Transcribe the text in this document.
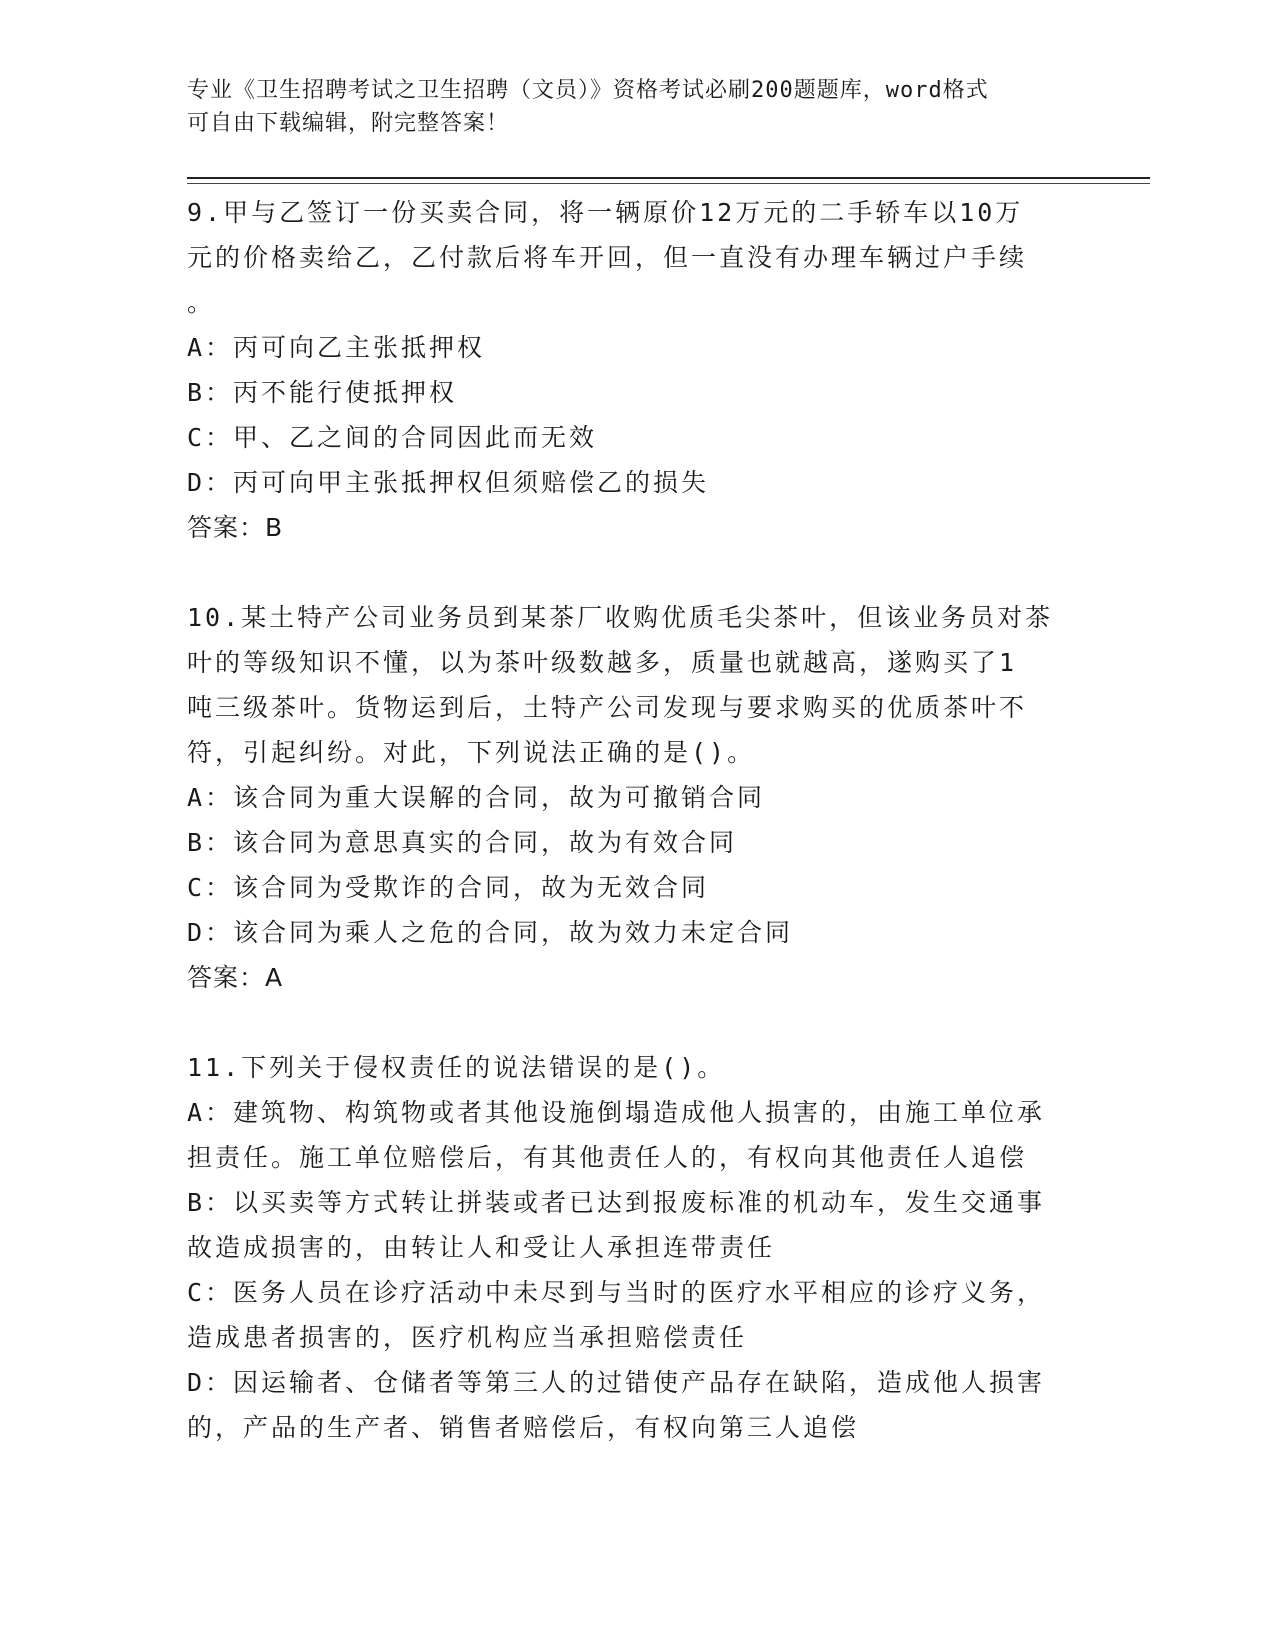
专业《卫生招聘考试之卫生招聘（文员）》资格考试必刷200题题库，word格式
可自由下载编辑，附完整答案！

9.甲与乙签订一份买卖合同，将一辆原价12万元的二手轿车以10万

元的价格卖给乙，乙付款后将车开回，但一直没有办理车辆过户手续

。

A：丙可向乙主张抵押权

B：丙不能行使抵押权

C：甲、乙之间的合同因此而无效

D：丙可向甲主张抵押权但须赔偿乙的损失

答案：B

10.某土特产公司业务员到某茶厂收购优质毛尖茶叶，但该业务员对茶

叶的等级知识不懂，以为茶叶级数越多，质量也就越高，遂购买了1

吨三级茶叶。货物运到后，土特产公司发现与要求购买的优质茶叶不

符，引起纠纷。对此，下列说法正确的是()。

A：该合同为重大误解的合同，故为可撤销合同

B：该合同为意思真实的合同，故为有效合同

C：该合同为受欺诈的合同，故为无效合同

D：该合同为乘人之危的合同，故为效力未定合同

答案：A

11.下列关于侵权责任的说法错误的是()。

A：建筑物、构筑物或者其他设施倒塌造成他人损害的，由施工单位承

担责任。施工单位赔偿后，有其他责任人的，有权向其他责任人追偿

B：以买卖等方式转让拼装或者已达到报废标准的机动车，发生交通事

故造成损害的，由转让人和受让人承担连带责任

C：医务人员在诊疗活动中未尽到与当时的医疗水平相应的诊疗义务，

造成患者损害的，医疗机构应当承担赔偿责任

D：因运输者、仓储者等第三人的过错使产品存在缺陷，造成他人损害

的，产品的生产者、销售者赔偿后，有权向第三人追偿
